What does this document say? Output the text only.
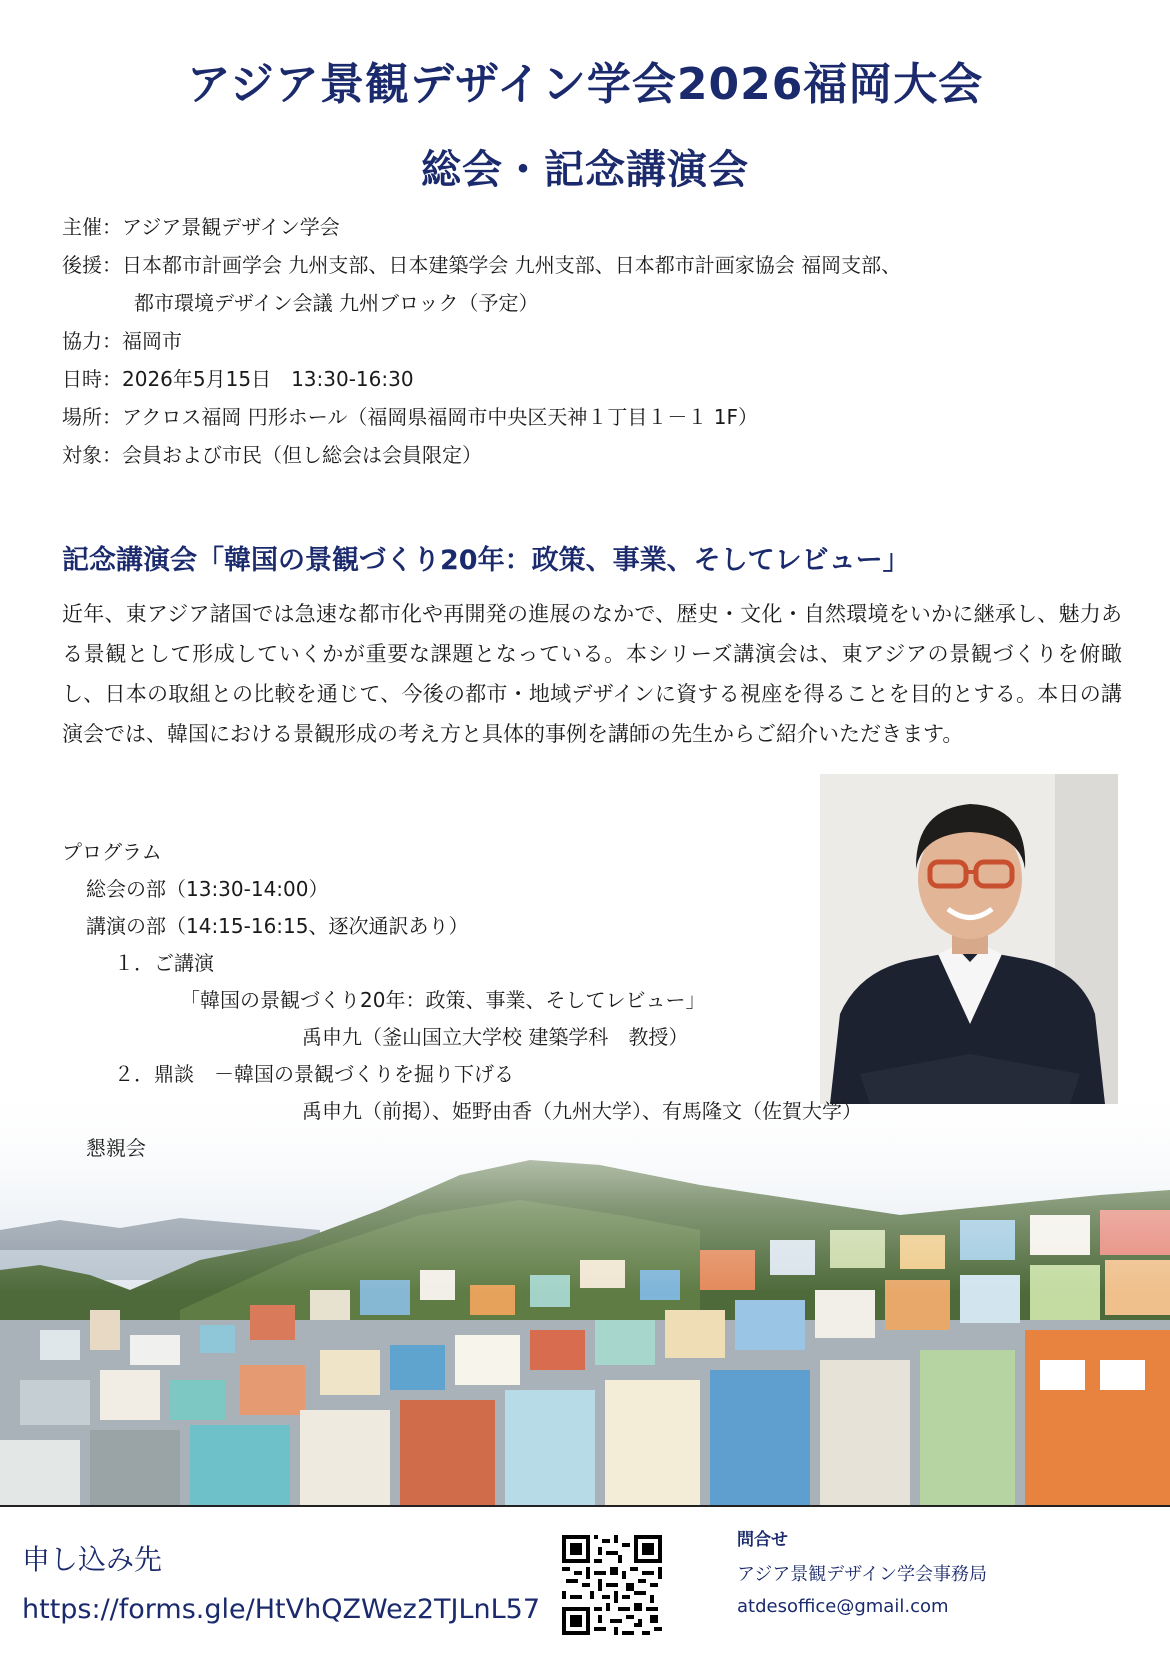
アジア景観デザイン学会2026福岡大会
総会・記念講演会
主催： アジア景観デザイン学会
後援： 日本都市計画学会 九州支部、日本建築学会 九州支部、日本都市計画家協会 福岡支部、
都市環境デザイン会議 九州ブロック（予定）
協力： 福岡市
日時： 2026年5月15日　13:30-16:30
場所： アクロス福岡 円形ホール（福岡県福岡市中央区天神１丁目１－１ 1F）
対象： 会員および市民（但し総会は会員限定）
記念講演会「韓国の景観づくり20年：政策、事業、そしてレビュー」

近年、東アジア諸国では急速な都市化や再開発の進展のなかで、歴史・文化・自然環境をいかに継承し、魅力ある景観として形成していくかが重要な課題となっている。本シリーズ講演会は、東アジアの景観づくりを俯瞰し、日本の取組との比較を通じて、今後の都市・地域デザインに資する視座を得ることを目的とする。本日の講演会では、韓国における景観形成の考え方と具体的事例を講師の先生からご紹介いただきます。

プログラム
総会の部（13:30-14:00）
講演の部（14:15-16:15、逐次通訳あり）
１．ご講演
「韓国の景観づくり20年：政策、事業、そしてレビュー」
禹申九（釜山国立大学校 建築学科　教授）
２．鼎談　－韓国の景観づくりを掘り下げる
禹申九（前掲）、姫野由香（九州大学）、有馬隆文（佐賀大学）
懇親会

申し込み先

https://forms.gle/HtVhQZWez2TJLnL57
問合せ
アジア景観デザイン学会事務局
atdesoffice@gmail.com
